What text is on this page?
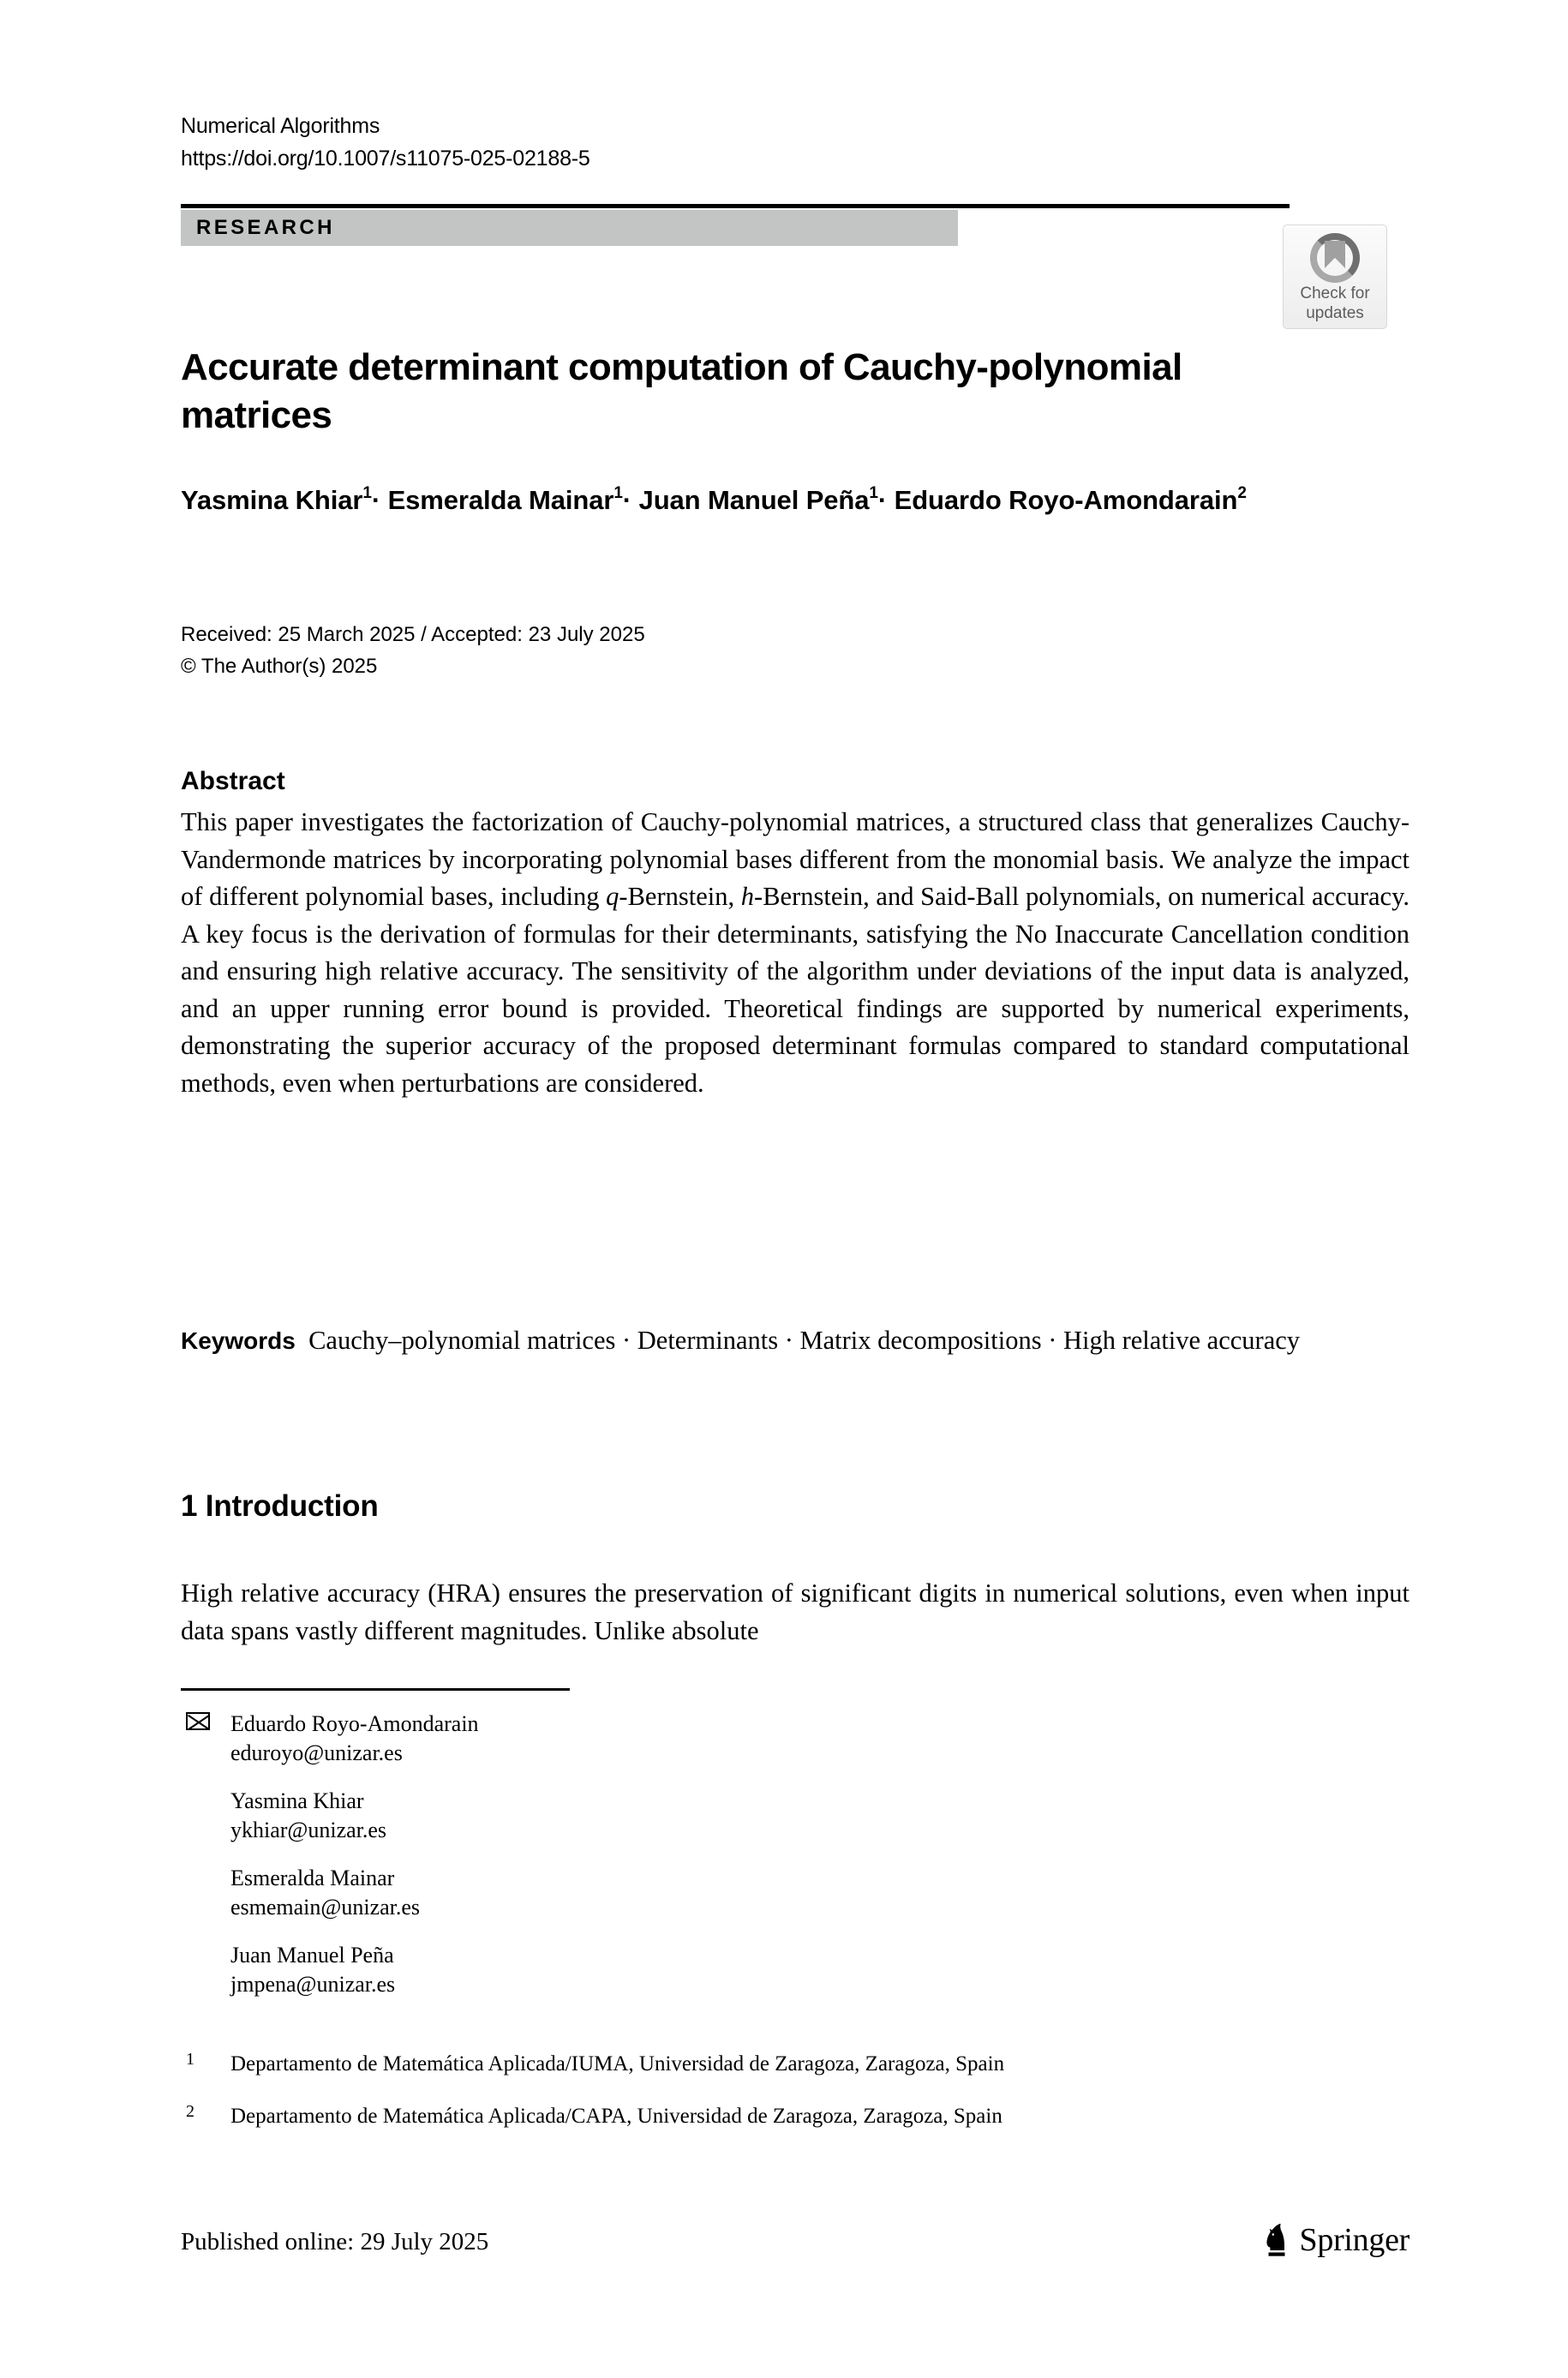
Numerical Algorithms
https://doi.org/10.1007/s11075-025-02188-5
RESEARCH
Check for
updates
Accurate determinant computation of Cauchy-polynomial matrices
Yasmina Khiar$^1$· Esmeralda Mainar$^1$· Juan Manuel Peña$^1$· Eduardo Royo-Amondarain$^2$
Received: 25 March 2025 / Accepted: 23 July 2025
© The Author(s) 2025
Abstract
This paper investigates the factorization of Cauchy-polynomial matrices, a structured class that generalizes Cauchy-Vandermonde matrices by incorporating polynomial bases different from the monomial basis. We analyze the impact of different polynomial bases, including q-Bernstein, h-Bernstein, and Said-Ball polynomials, on numerical accuracy. A key focus is the derivation of formulas for their determinants, satisfying the No Inaccurate Cancellation condition and ensuring high relative accuracy. The sensitivity of the algorithm under deviations of the input data is analyzed, and an upper running error bound is provided. Theoretical findings are supported by numerical experiments, demonstrating the superior accuracy of the proposed determinant formulas compared to standard computational methods, even when perturbations are considered.
Keywords Cauchy–polynomial matrices · Determinants · Matrix decompositions · High relative accuracy
1 Introduction
High relative accuracy (HRA) ensures the preservation of significant digits in numerical solutions, even when input data spans vastly different magnitudes. Unlike absolute
Eduardo Royo-Amondarain
eduroyo@unizar.es
Yasmina Khiar
ykhiar@unizar.es
Esmeralda Mainar
esmemain@unizar.es
Juan Manuel Peña
jmpena@unizar.es
1 Departamento de Matemática Aplicada/IUMA, Universidad de Zaragoza, Zaragoza, Spain
2 Departamento de Matemática Aplicada/CAPA, Universidad de Zaragoza, Zaragoza, Spain
Published online: 29 July 2025	Springer
